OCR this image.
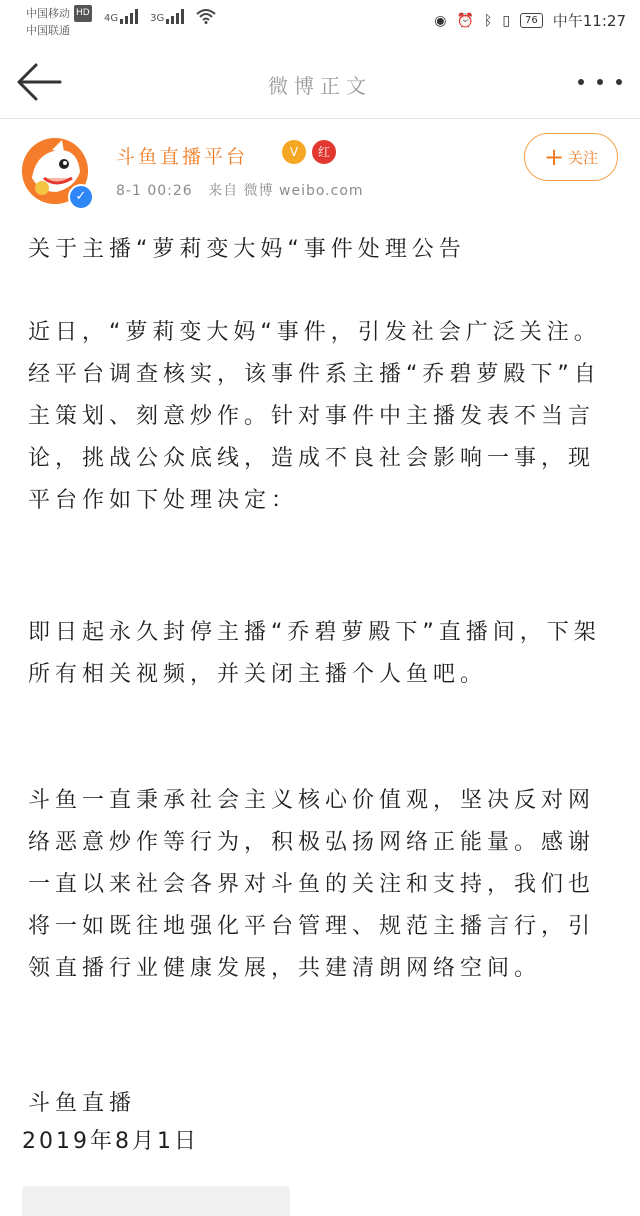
中国移动 HD
中国联通
4G	3G	◉ ⏰ ᛒ ▯	76	中午11:27
微博正文
✓
斗鱼直播平台	V	红
8-1 00:26 来自 微博 weibo.com
+ 关注
关于主播“萝莉变大妈“事件处理公告

近日，“萝莉变大妈“事件，引发社会广泛关注。经平台调查核实，该事件系主播“乔碧萝殿下”自主策划、刻意炒作。针对事件中主播发表不当言论，挑战公众底线，造成不良社会影响一事，现平台作如下处理决定：

即日起永久封停主播“乔碧萝殿下”直播间，下架所有相关视频，并关闭主播个人鱼吧。

斗鱼一直秉承社会主义核心价值观，坚决反对网络恶意炒作等行为，积极弘扬网络正能量。感谢一直以来社会各界对斗鱼的关注和支持，我们也将一如既往地强化平台管理、规范主播言行，引领直播行业健康发展，共建清朗网络空间。

斗鱼直播
2019年8月1日
